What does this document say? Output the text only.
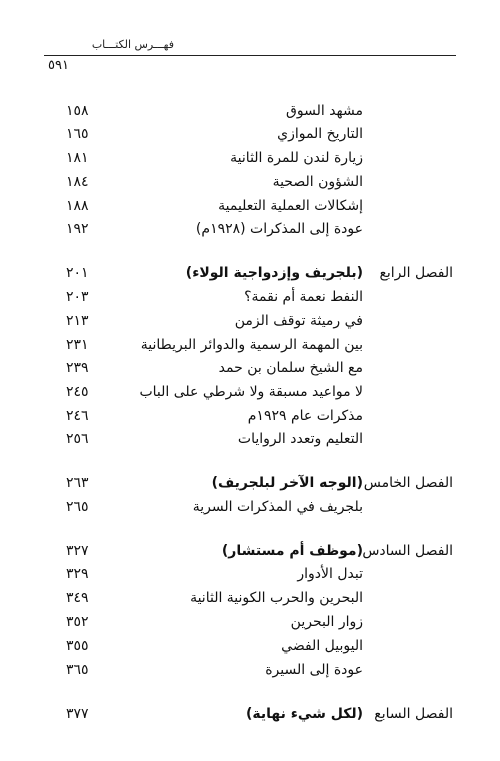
فهـــرس الكتـــاب
٥٩١
مشهد السوق
١٥٨
التاريخ الموازي
١٦٥
زيارة لندن للمرة الثانية
١٨١
الشؤون الصحية
١٨٤
إشكالات العملية التعليمية
١٨٨
عودة إلى المذكرات (١٩٢٨م)
١٩٢
الفصل الرابع
(بلجريف وإزدواجية الولاء)
٢٠١
النفط نعمة أم نقمة؟
٢٠٣
في رميثة توقف الزمن
٢١٣
بين المهمة الرسمية والدوائر البريطانية
٢٣١
مع الشيخ سلمان بن حمد
٢٣٩
لا مواعيد مسبقة ولا شرطي على الباب
٢٤٥
مذكرات عام ١٩٢٩م
٢٤٦
التعليم وتعدد الروايات
٢٥٦
الفصل الخامس
(الوجه الآخر لبلجريف)
٢٦٣
بلجريف في المذكرات السرية
٢٦٥
الفصل السادس
(موظف أم مستشار)
٣٢٧
تبدل الأدوار
٣٢٩
البحرين والحرب الكونية الثانية
٣٤٩
زوار البحرين
٣٥٢
اليوبيل الفضي
٣٥٥
عودة إلى السيرة
٣٦٥
الفصل السابع
(لكل شيء نهاية)
٣٧٧
